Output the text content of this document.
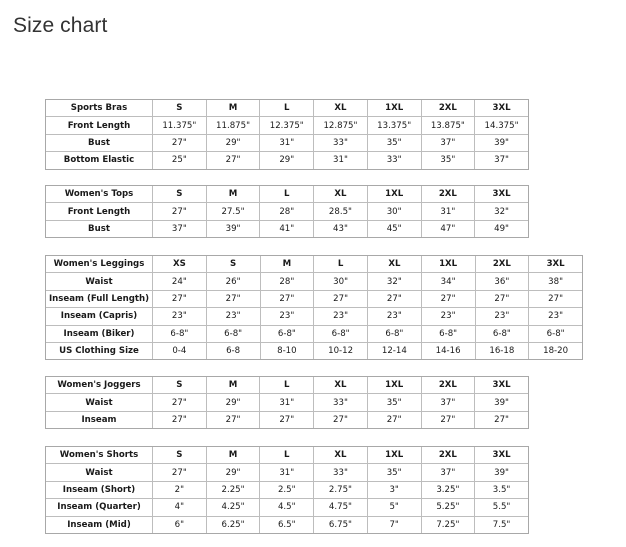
Size chart
Sports Bras	S	M	L	XL	1XL	2XL	3XL
Front Length	11.375"	11.875"	12.375"	12.875"	13.375"	13.875"	14.375"
Bust	27"	29"	31"	33"	35"	37"	39"
Bottom Elastic	25"	27"	29"	31"	33"	35"	37"
Women's Tops	S	M	L	XL	1XL	2XL	3XL
Front Length	27"	27.5"	28"	28.5"	30"	31"	32"
Bust	37"	39"	41"	43"	45"	47"	49"
Women's Leggings	XS	S	M	L	XL	1XL	2XL	3XL
Waist	24"	26"	28"	30"	32"	34"	36"	38"
Inseam (Full Length)	27"	27"	27"	27"	27"	27"	27"	27"
Inseam (Capris)	23"	23"	23"	23"	23"	23"	23"	23"
Inseam (Biker)	6-8"	6-8"	6-8"	6-8"	6-8"	6-8"	6-8"	6-8"
US Clothing Size	0-4	6-8	8-10	10-12	12-14	14-16	16-18	18-20
Women's Joggers	S	M	L	XL	1XL	2XL	3XL
Waist	27"	29"	31"	33"	35"	37"	39"
Inseam	27"	27"	27"	27"	27"	27"	27"
Women's Shorts	S	M	L	XL	1XL	2XL	3XL
Waist	27"	29"	31"	33"	35"	37"	39"
Inseam (Short)	2"	2.25"	2.5"	2.75"	3"	3.25"	3.5"
Inseam (Quarter)	4"	4.25"	4.5"	4.75"	5"	5.25"	5.5"
Inseam (Mid)	6"	6.25"	6.5"	6.75"	7"	7.25"	7.5"
